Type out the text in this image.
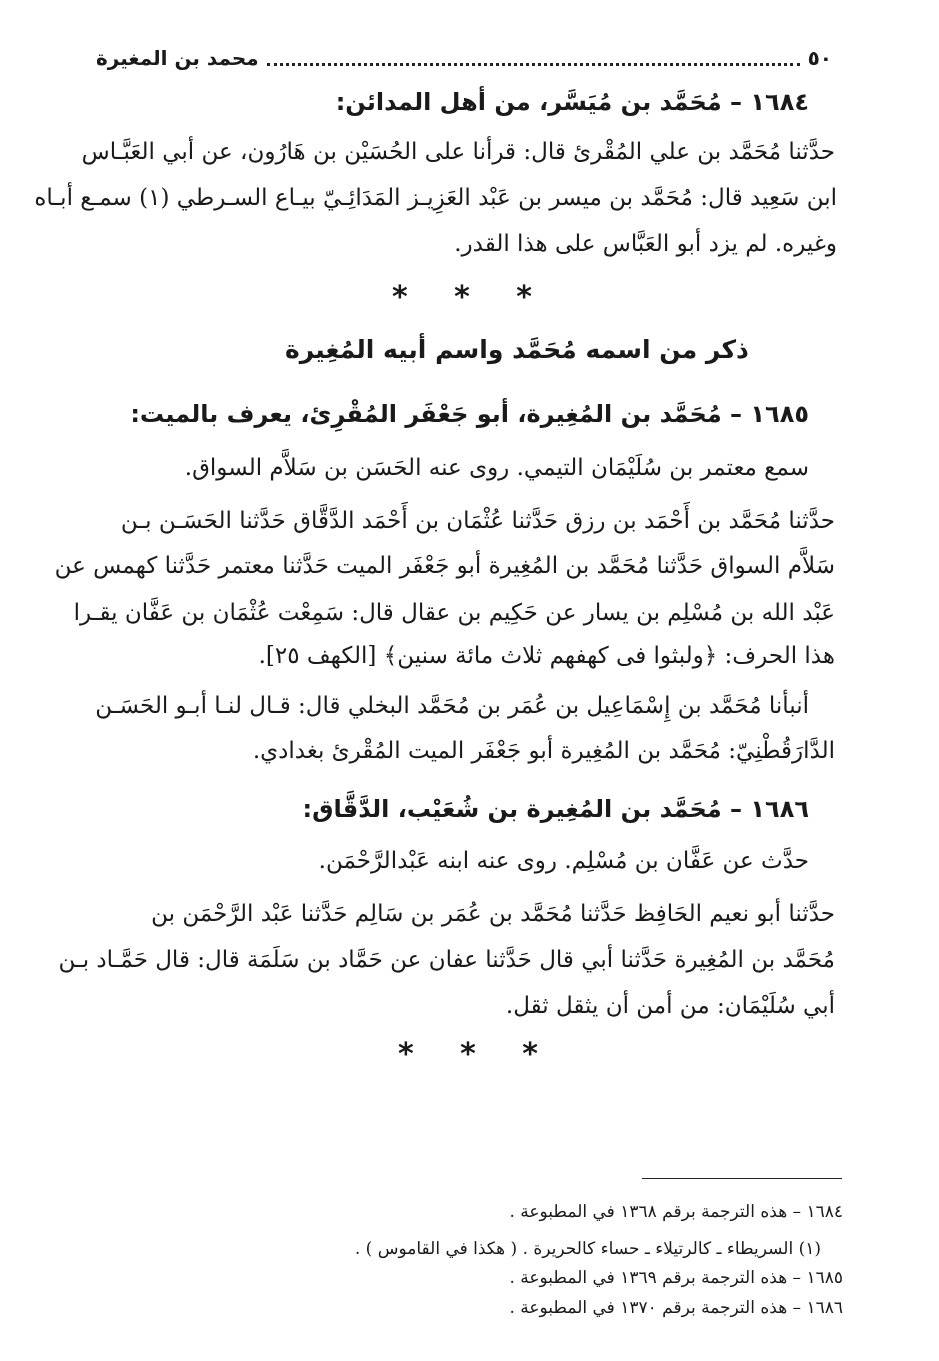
٥٠
محمد بن المغيرة
١٦٨٤ – مُحَمَّد بن مُيَسَّر، من أهل المدائن:
حدَّثنا مُحَمَّد بن علي المُقْرئ قال: قرأنا على الحُسَيْن بن هَارُون، عن أبي العَبَّـاس
ابن سَعِيد قال: مُحَمَّد بن ميسر بن عَبْد العَزِيـز المَدَائِـيّ بيـاع السـرطي (١) سمـع أبـاه
وغيره. لم يزد أبو العَبَّاس على هذا القدر.
* * *
ذكر من اسمه مُحَمَّد واسم أبيه المُغِيرة
١٦٨٥ – مُحَمَّد بن المُغِيرة، أبو جَعْفَر المُقْرِئ، يعرف بالميت:
سمع معتمر بن سُلَيْمَان التيمي. روى عنه الحَسَن بن سَلاَّم السواق.
حدَّثنا مُحَمَّد بن أَحْمَد بن رزق حَدَّثنا عُثْمَان بن أَحْمَد الدَّقَّاق حَدَّثنا الحَسَـن بـن
سَلاَّم السواق حَدَّثنا مُحَمَّد بن المُغِيرة أبو جَعْفَر الميت حَدَّثنا معتمر حَدَّثنا كهمس عن
عَبْد الله بن مُسْلِم بن يسار عن حَكِيم بن عقال قال: سَمِعْت عُثْمَان بن عَفَّان يقـرا
هذا الحرف: ﴿ولبثوا فى كهفهم ثلاث مائة سنين﴾ [الكهف ٢٥].
أنبأنا مُحَمَّد بن إِسْمَاعِيل بن عُمَر بن مُحَمَّد البخلي قال: قـال لنـا أبـو الحَسَـن
الدَّارَقُطْنِيّ: مُحَمَّد بن المُغِيرة أبو جَعْفَر الميت المُقْرئ بغدادي.
١٦٨٦ – مُحَمَّد بن المُغِيرة بن شُعَيْب، الدَّقَّاق:
حدَّث عن عَفَّان بن مُسْلِم. روى عنه ابنه عَبْدالرَّحْمَن.
حدَّثنا أبو نعيم الحَافِظ حَدَّثنا مُحَمَّد بن عُمَر بن سَالِم حَدَّثنا عَبْد الرَّحْمَن بن
مُحَمَّد بن المُغِيرة حَدَّثنا أبي قال حَدَّثنا عفان عن حَمَّاد بن سَلَمَة قال: قال حَمَّـاد بـن
أبي سُلَيْمَان: من أمن أن يثقل ثقل.
* * *
١٦٨٤ – هذه الترجمة برقم ١٣٦٨ في المطبوعة .
(١) السريطاء ـ كالرتيلاء ـ حساء كالحريرة . ( هكذا في القاموس ) .
١٦٨٥ – هذه الترجمة برقم ١٣٦٩ في المطبوعة .
١٦٨٦ – هذه الترجمة برقم ١٣٧٠ في المطبوعة .
